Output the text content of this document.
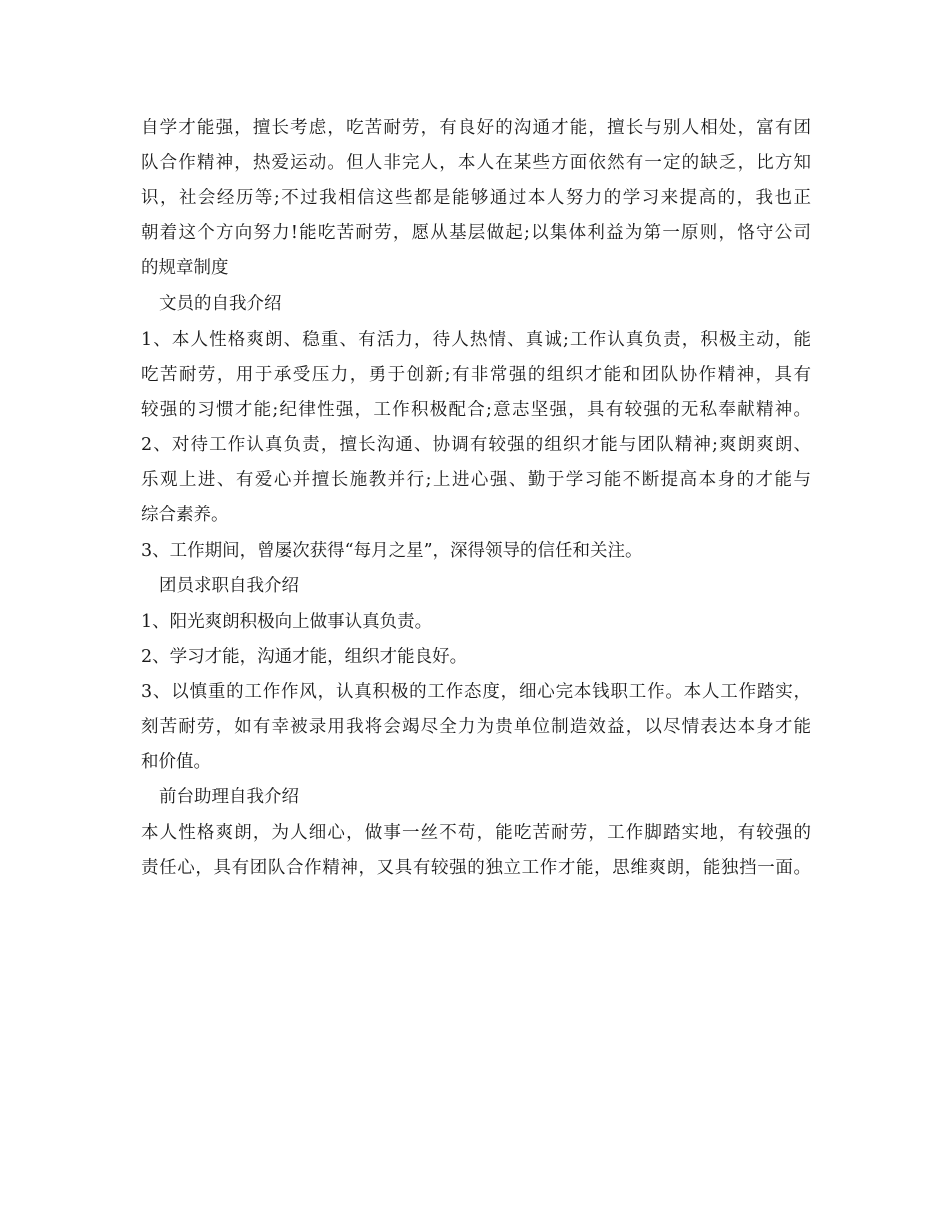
自学才能强，擅长考虑，吃苦耐劳，有良好的沟通才能，擅长与别人相处，富有团

队合作精神，热爱运动。但人非完人，本人在某些方面依然有一定的缺乏，比方知

识，社会经历等;不过我相信这些都是能够通过本人努力的学习来提高的，我也正

朝着这个方向努力!能吃苦耐劳，愿从基层做起;以集体利益为第一原则，恪守公司

的规章制度

文员的自我介绍

1、本人性格爽朗、稳重、有活力，待人热情、真诚;工作认真负责，积极主动，能

吃苦耐劳，用于承受压力，勇于创新;有非常强的组织才能和团队协作精神，具有

较强的习惯才能;纪律性强，工作积极配合;意志坚强，具有较强的无私奉献精神。

2、对待工作认真负责，擅长沟通、协调有较强的组织才能与团队精神;爽朗爽朗、

乐观上进、有爱心并擅长施教并行;上进心强、勤于学习能不断提高本身的才能与

综合素养。

3、工作期间，曾屡次获得“每月之星”，深得领导的信任和关注。

团员求职自我介绍

1、阳光爽朗积极向上做事认真负责。

2、学习才能，沟通才能，组织才能良好。

3、以慎重的工作作风，认真积极的工作态度，细心完本钱职工作。本人工作踏实，

刻苦耐劳，如有幸被录用我将会竭尽全力为贵单位制造效益，以尽情表达本身才能

和价值。

前台助理自我介绍

本人性格爽朗，为人细心，做事一丝不苟，能吃苦耐劳，工作脚踏实地，有较强的

责任心，具有团队合作精神，又具有较强的独立工作才能，思维爽朗，能独挡一面。
